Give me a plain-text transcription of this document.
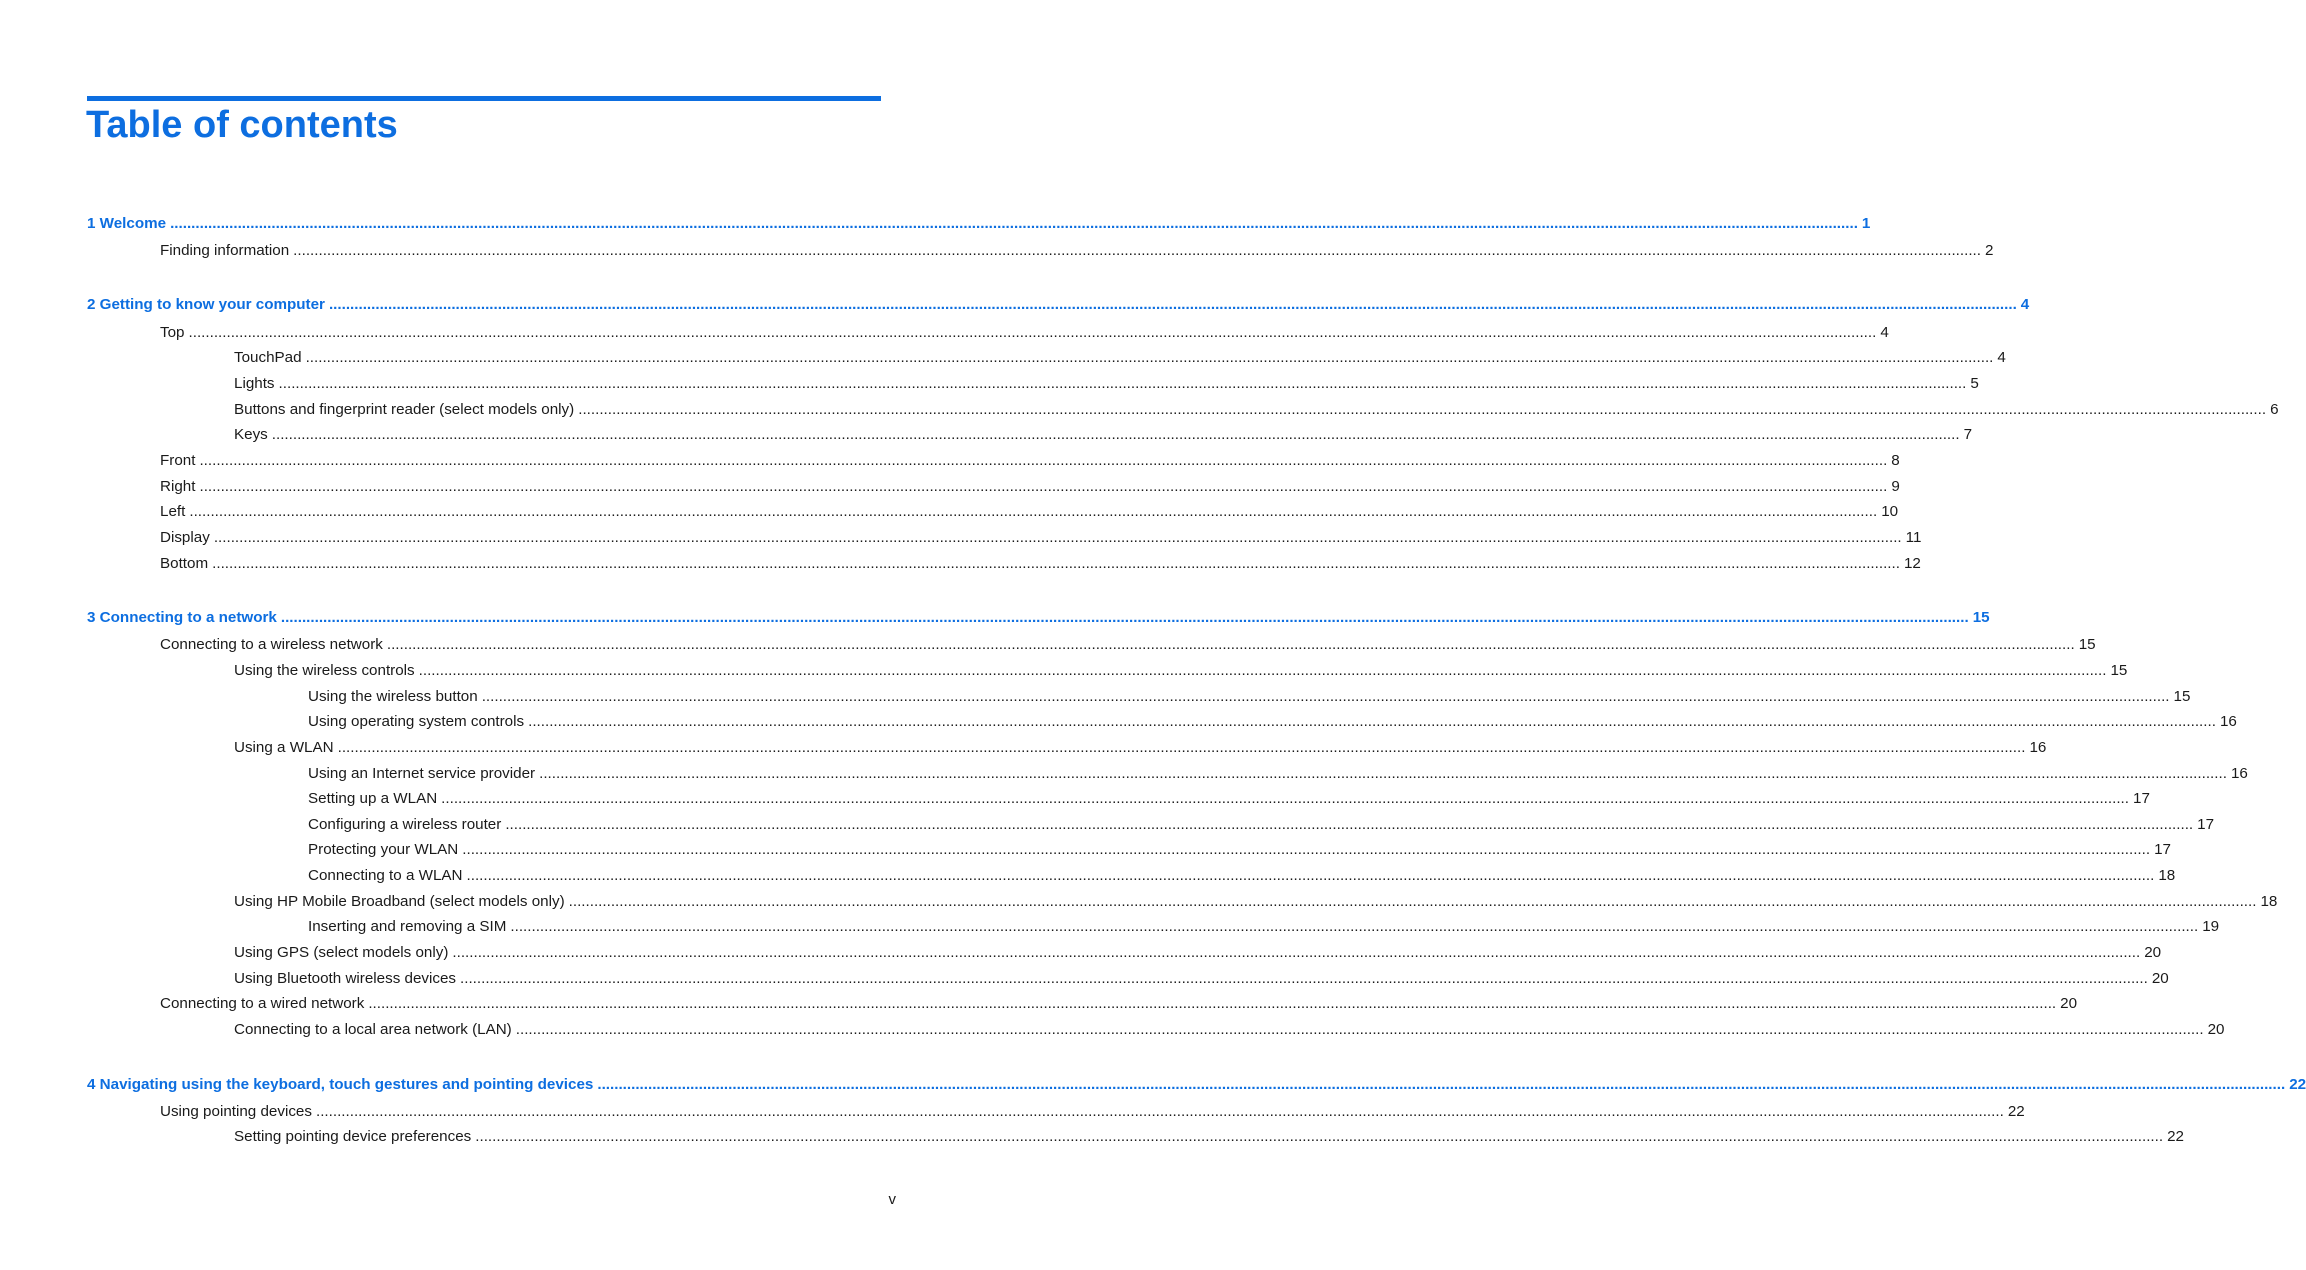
Table of contents
1 Welcome ................................................................................................................................................................................................................................................................................................................................................................................................................ 1
Finding information ................................................................................................................................................................................................................................................................................................................................................................................................................ 2
2 Getting to know your computer ................................................................................................................................................................................................................................................................................................................................................................................................................ 4
Top ................................................................................................................................................................................................................................................................................................................................................................................................................ 4
TouchPad ................................................................................................................................................................................................................................................................................................................................................................................................................ 4
Lights ................................................................................................................................................................................................................................................................................................................................................................................................................ 5
Buttons and fingerprint reader (select models only) ................................................................................................................................................................................................................................................................................................................................................................................................................ 6
Keys ................................................................................................................................................................................................................................................................................................................................................................................................................ 7
Front ................................................................................................................................................................................................................................................................................................................................................................................................................ 8
Right ................................................................................................................................................................................................................................................................................................................................................................................................................ 9
Left ................................................................................................................................................................................................................................................................................................................................................................................................................ 10
Display ................................................................................................................................................................................................................................................................................................................................................................................................................ 11
Bottom ................................................................................................................................................................................................................................................................................................................................................................................................................ 12
3 Connecting to a network ................................................................................................................................................................................................................................................................................................................................................................................................................ 15
Connecting to a wireless network ................................................................................................................................................................................................................................................................................................................................................................................................................ 15
Using the wireless controls ................................................................................................................................................................................................................................................................................................................................................................................................................ 15
Using the wireless button ................................................................................................................................................................................................................................................................................................................................................................................................................ 15
Using operating system controls ................................................................................................................................................................................................................................................................................................................................................................................................................ 16
Using a WLAN ................................................................................................................................................................................................................................................................................................................................................................................................................ 16
Using an Internet service provider ................................................................................................................................................................................................................................................................................................................................................................................................................ 16
Setting up a WLAN ................................................................................................................................................................................................................................................................................................................................................................................................................ 17
Configuring a wireless router ................................................................................................................................................................................................................................................................................................................................................................................................................ 17
Protecting your WLAN ................................................................................................................................................................................................................................................................................................................................................................................................................ 17
Connecting to a WLAN ................................................................................................................................................................................................................................................................................................................................................................................................................ 18
Using HP Mobile Broadband (select models only) ................................................................................................................................................................................................................................................................................................................................................................................................................ 18
Inserting and removing a SIM ................................................................................................................................................................................................................................................................................................................................................................................................................ 19
Using GPS (select models only) ................................................................................................................................................................................................................................................................................................................................................................................................................ 20
Using Bluetooth wireless devices ................................................................................................................................................................................................................................................................................................................................................................................................................ 20
Connecting to a wired network ................................................................................................................................................................................................................................................................................................................................................................................................................ 20
Connecting to a local area network (LAN) ................................................................................................................................................................................................................................................................................................................................................................................................................ 20
4 Navigating using the keyboard, touch gestures and pointing devices ................................................................................................................................................................................................................................................................................................................................................................................................................ 22
Using pointing devices ................................................................................................................................................................................................................................................................................................................................................................................................................ 22
Setting pointing device preferences ................................................................................................................................................................................................................................................................................................................................................................................................................ 22
v
